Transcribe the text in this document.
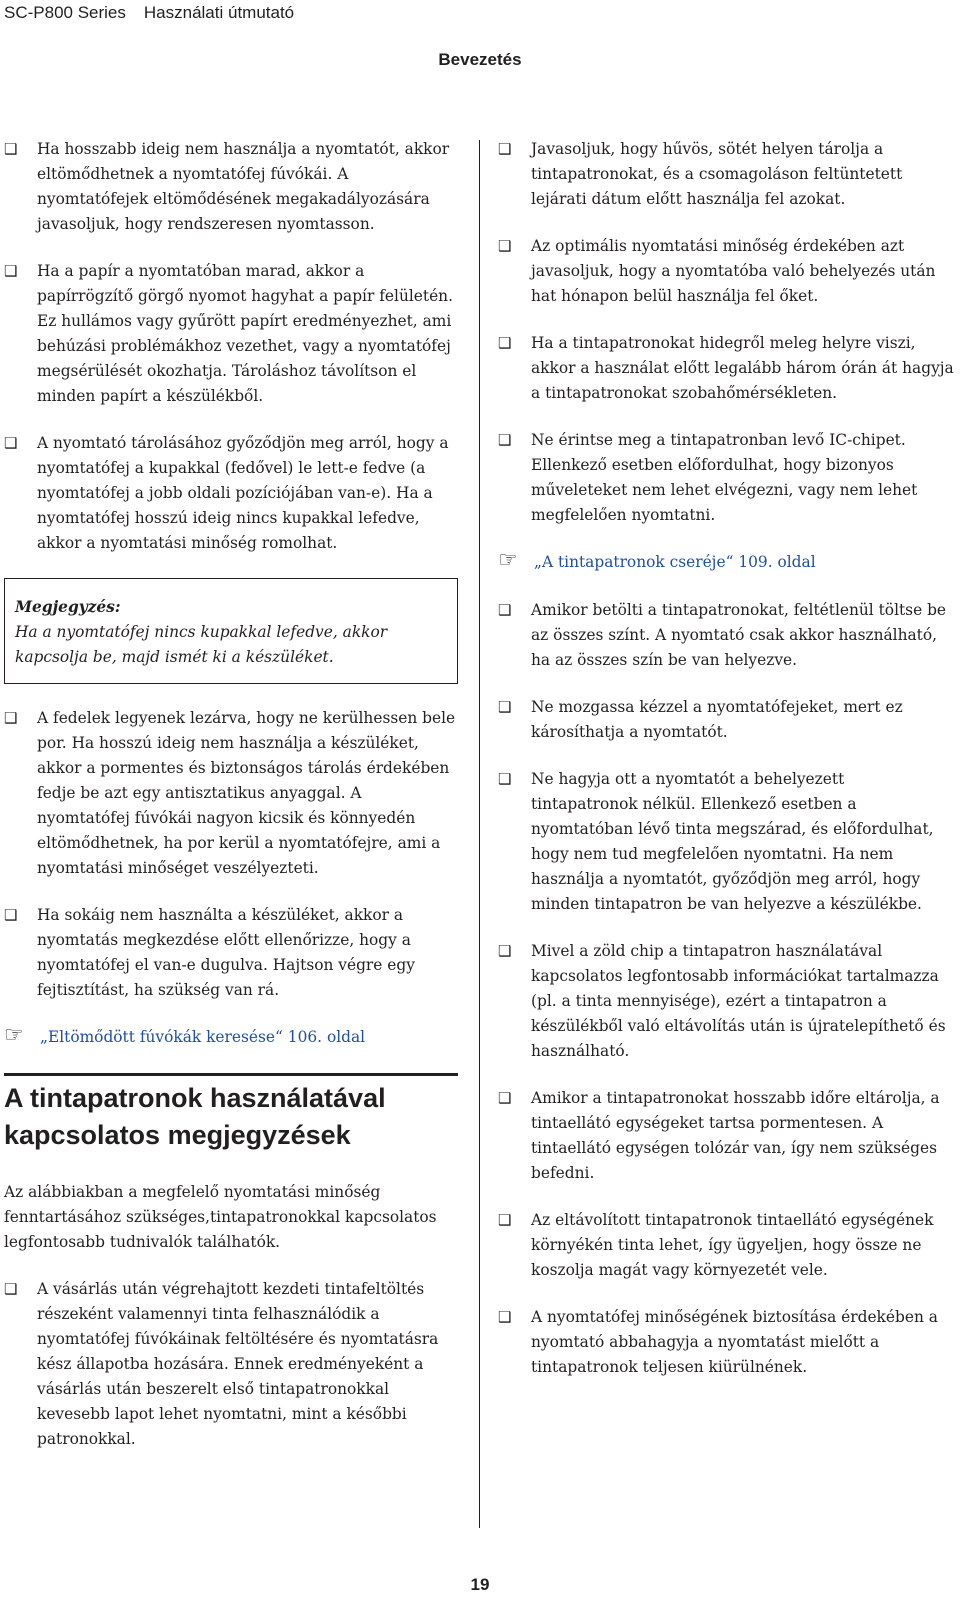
SC-P800 Series Használati útmutató
Bevezetés
❑ Ha hosszabb ideig nem használja a nyomtatót, akkor eltömődhetnek a nyomtatófej fúvókái. A nyomtatófejek eltömődésének megakadályozására javasoljuk, hogy rendszeresen nyomtasson.
❑ Ha a papír a nyomtatóban marad, akkor a papírrögzítő görgő nyomot hagyhat a papír felületén. Ez hullámos vagy gyűrött papírt eredményezhet, ami behúzási problémákhoz vezethet, vagy a nyomtatófej megsérülését okozhatja. Tároláshoz távolítson el minden papírt a készülékből.
❑ A nyomtató tárolásához győződjön meg arról, hogy a nyomtatófej a kupakkal (fedővel) le lett-e fedve (a nyomtatófej a jobb oldali pozíciójában van-e). Ha a nyomtatófej hosszú ideig nincs kupakkal lefedve, akkor a nyomtatási minőség romolhat.
Megjegyzés:
Ha a nyomtatófej nincs kupakkal lefedve, akkor kapcsolja be, majd ismét ki a készüléket.
❑ A fedelek legyenek lezárva, hogy ne kerülhessen bele por. Ha hosszú ideig nem használja a készüléket, akkor a pormentes és biztonságos tárolás érdekében fedje be azt egy antisztatikus anyaggal. A nyomtatófej fúvókái nagyon kicsik és könnyedén eltömődhetnek, ha por kerül a nyomtatófejre, ami a nyomtatási minőséget veszélyezteti.
❑ Ha sokáig nem használta a készüléket, akkor a nyomtatás megkezdése előtt ellenőrizze, hogy a nyomtatófej el van-e dugulva. Hajtson végre egy fejtisztítást, ha szükség van rá.
☞ „Eltömődött fúvókák keresése“ 106. oldal
A tintapatronok használatával kapcsolatos megjegyzések
Az alábbiakban a megfelelő nyomtatási minőség fenntartásához szükséges,tintapatronokkal kapcsolatos legfontosabb tudnivalók találhatók.
❑ A vásárlás után végrehajtott kezdeti tintafeltöltés részeként valamennyi tinta felhasználódik a nyomtatófej fúvókáinak feltöltésére és nyomtatásra kész állapotba hozására. Ennek eredményeként a vásárlás után beszerelt első tintapatronokkal kevesebb lapot lehet nyomtatni, mint a későbbi patronokkal.
❑ Javasoljuk, hogy hűvös, sötét helyen tárolja a tintapatronokat, és a csomagoláson feltüntetett lejárati dátum előtt használja fel azokat.
❑ Az optimális nyomtatási minőség érdekében azt javasoljuk, hogy a nyomtatóba való behelyezés után hat hónapon belül használja fel őket.
❑ Ha a tintapatronokat hidegről meleg helyre viszi, akkor a használat előtt legalább három órán át hagyja a tintapatronokat szobahőmérsékleten.
❑ Ne érintse meg a tintapatronban levő IC-chipet. Ellenkező esetben előfordulhat, hogy bizonyos műveleteket nem lehet elvégezni, vagy nem lehet megfelelően nyomtatni.
☞ „A tintapatronok cseréje“ 109. oldal
❑ Amikor betölti a tintapatronokat, feltétlenül töltse be az összes színt. A nyomtató csak akkor használható, ha az összes szín be van helyezve.
❑ Ne mozgassa kézzel a nyomtatófejeket, mert ez károsíthatja a nyomtatót.
❑ Ne hagyja ott a nyomtatót a behelyezett tintapatronok nélkül. Ellenkező esetben a nyomtatóban lévő tinta megszárad, és előfordulhat, hogy nem tud megfelelően nyomtatni. Ha nem használja a nyomtatót, győződjön meg arról, hogy minden tintapatron be van helyezve a készülékbe.
❑ Mivel a zöld chip a tintapatron használatával kapcsolatos legfontosabb információkat tartalmazza (pl. a tinta mennyisége), ezért a tintapatron a készülékből való eltávolítás után is újratelepíthető és használható.
❑ Amikor a tintapatronokat hosszabb időre eltárolja, a tintaellátó egységeket tartsa pormentesen. A tintaellátó egységen tolózár van, így nem szükséges befedni.
❑ Az eltávolított tintapatronok tintaellátó egységének környékén tinta lehet, így ügyeljen, hogy össze ne koszolja magát vagy környezetét vele.
❑ A nyomtatófej minőségének biztosítása érdekében a nyomtató abbahagyja a nyomtatást mielőtt a tintapatronok teljesen kiürülnének.
19
